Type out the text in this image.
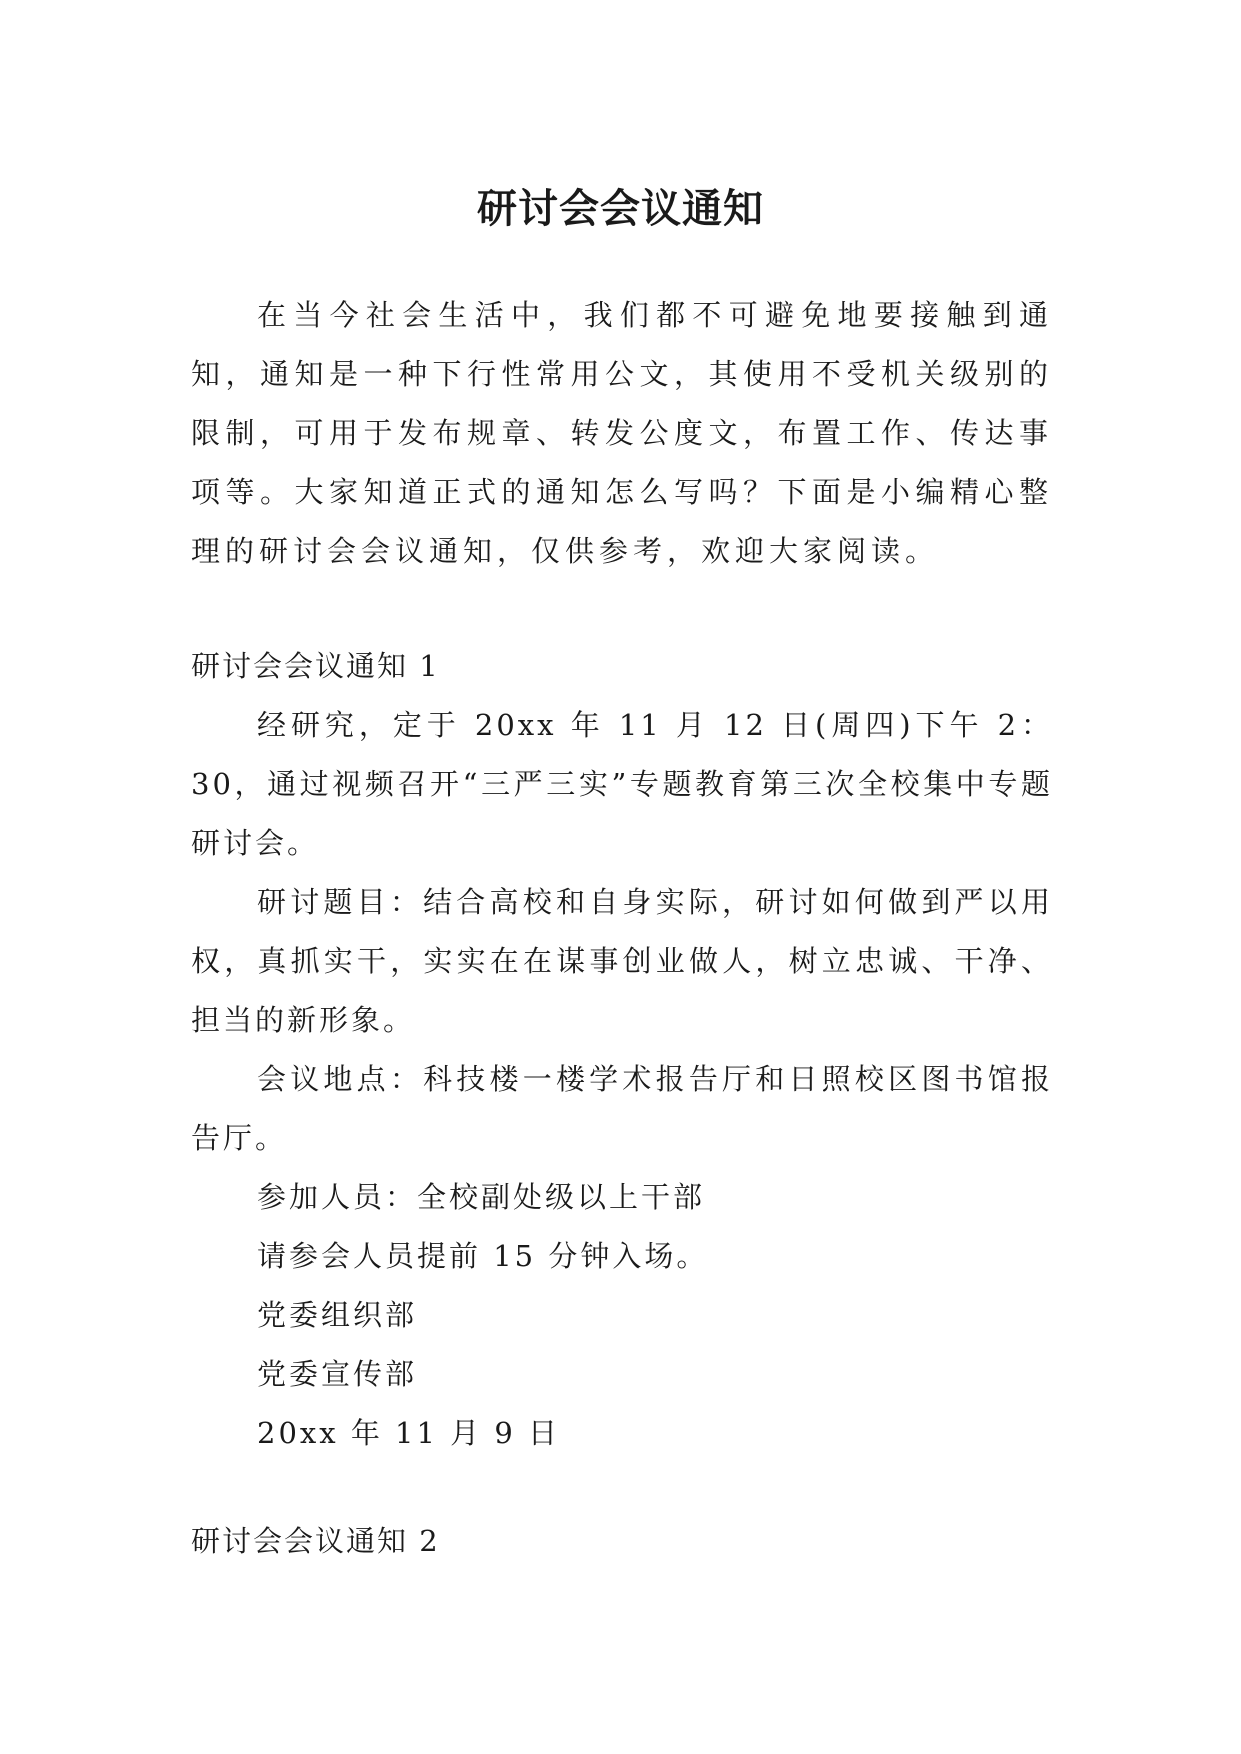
研讨会会议通知

在当今社会生活中，我们都不可避免地要接触到通知，通知是一种下行性常用公文，其使用不受机关级别的限制，可用于发布规章、转发公度文，布置工作、传达事项等。大家知道正式的通知怎么写吗？下面是小编精心整理的研讨会会议通知，仅供参考，欢迎大家阅读。

研讨会会议通知 1

经研究，定于 20xx 年 11 月 12 日(周四)下午 2：30，通过视频召开“三严三实”专题教育第三次全校集中专题研讨会。

研讨题目：结合高校和自身实际，研讨如何做到严以用权，真抓实干，实实在在谋事创业做人，树立忠诚、干净、担当的新形象。

会议地点：科技楼一楼学术报告厅和日照校区图书馆报告厅。

参加人员：全校副处级以上干部

请参会人员提前 15 分钟入场。

党委组织部

党委宣传部

20xx 年 11 月 9 日

研讨会会议通知 2
